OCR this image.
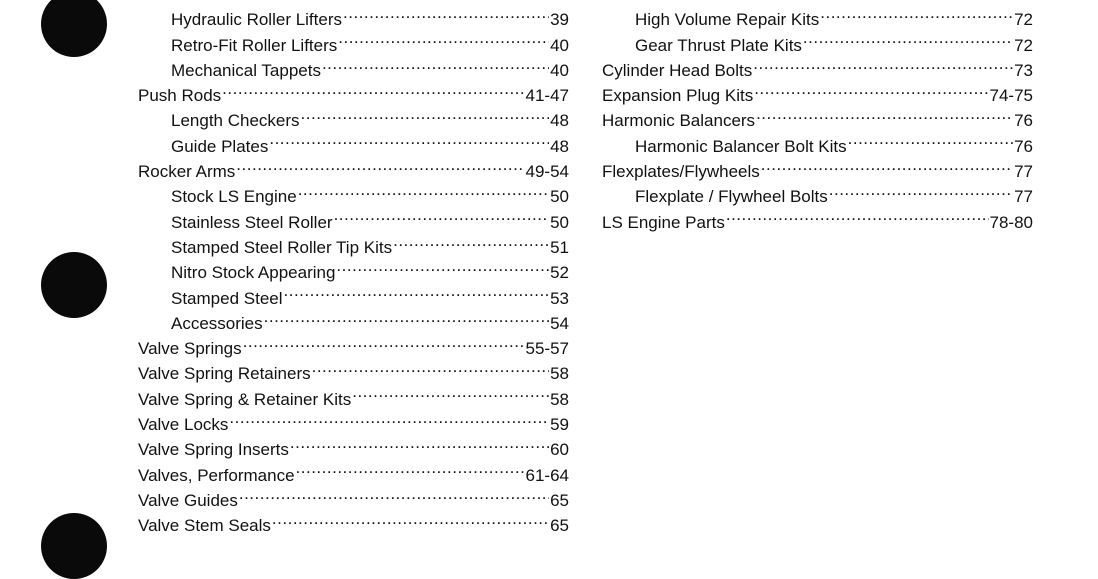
Hydraulic Roller Lifters .....	39
Retro-Fit Roller Lifters .....	40
Mechanical Tappets .....	40
Push Rods .....	41-47
Length Checkers .....	48
Guide Plates .....	48
Rocker Arms .....	49-54
Stock LS Engine .....	50
Stainless Steel Roller .....	50
Stamped Steel Roller Tip Kits .....	51
Nitro Stock Appearing .....	52
Stamped Steel .....	53
Accessories .....	54
Valve Springs .....	55-57
Valve Spring Retainers .....	58
Valve Spring & Retainer Kits .....	58
Valve Locks .....	59
Valve Spring Inserts .....	60
Valves, Performance .....	61-64
Valve Guides .....	65
Valve Stem Seals .....	65
High Volume Repair Kits .....	72
Gear Thrust Plate Kits .....	72
Cylinder Head Bolts .....	73
Expansion Plug Kits .....	74-75
Harmonic Balancers .....	76
Harmonic Balancer Bolt Kits .....	76
Flexplates/Flywheels .....	77
Flexplate / Flywheel Bolts .....	77
LS Engine Parts .....	78-80
